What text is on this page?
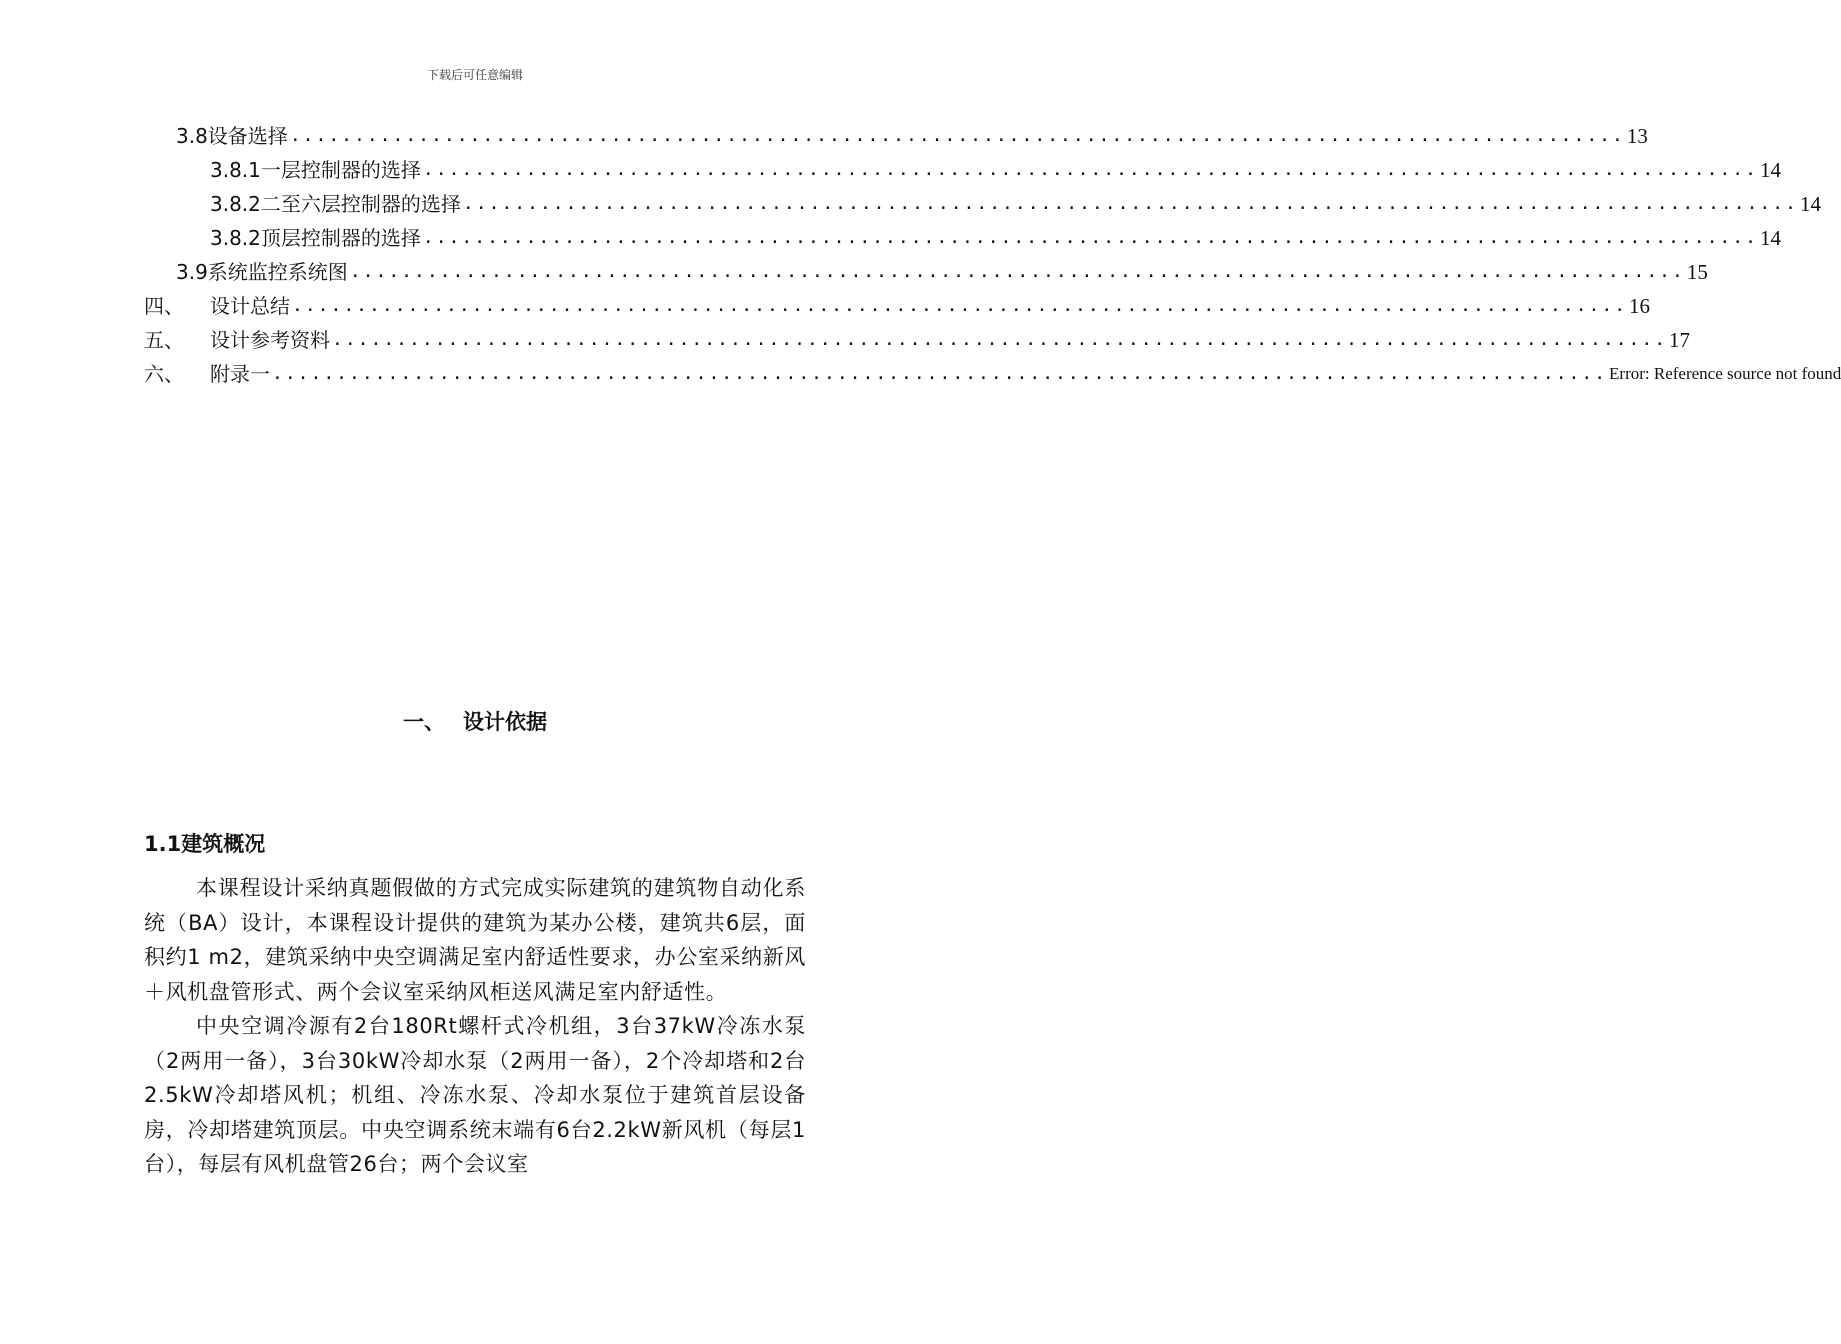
下载后可任意编辑
3.8设备选择 ........................................................................................................ 13
3.8.1一层控制器的选择 ........................................................................................................ 14
3.8.2二至六层控制器的选择 ........................................................................................................ 14
3.8.2顶层控制器的选择 ........................................................................................................ 14
3.9系统监控系统图 ........................................................................................................ 15
四、 设计总结 ........................................................................................................ 16
五、 设计参考资料 ........................................................................................................ 17
六、 附录一 ........................................................................................................ Error: Reference source not found
一、 设计依据
1.1建筑概况

本课程设计采纳真题假做的方式完成实际建筑的建筑物自动化系统（BA）设计，本课程设计提供的建筑为某办公楼，建筑共6层，面积约1 m2，建筑采纳中央空调满足室内舒适性要求，办公室采纳新风＋风机盘管形式、两个会议室采纳风柜送风满足室内舒适性。

中央空调冷源有2台180Rt螺杆式冷机组，3台37kW冷冻水泵（2两用一备），3台30kW冷却水泵（2两用一备），2个冷却塔和2台2.5kW冷却塔风机；机组、冷冻水泵、冷却水泵位于建筑首层设备房，冷却塔建筑顶层。中央空调系统末端有6台2.2kW新风机（每层1台），每层有风机盘管26台；两个会议室
